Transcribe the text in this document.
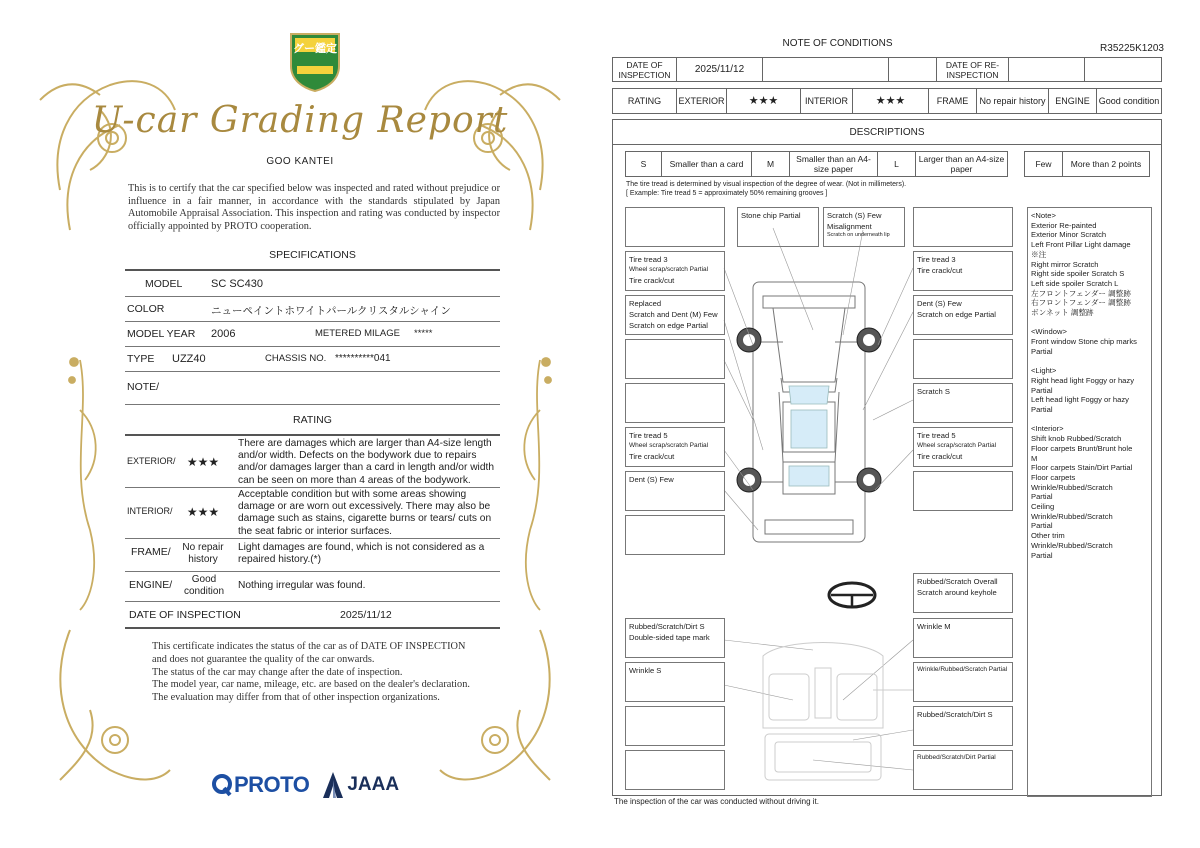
グー鑑定
U-car Grading Report
GOO KANTEI
This is to certify that the car specified below was inspected and rated without prejudice or influence in a fair manner, in accordance with the standards stipulated by Japan Automobile Appraisal Association. This inspection and rating was conducted by inspector officially appointed by PROTO cooperation.
SPECIFICATIONS
MODEL	SC SC430
COLOR	ニューペイントホワイトパールクリスタルシャイン
MODEL YEAR 2006	METERED MILAGE *****
TYPE UZZ40	CHASSIS NO. **********041
NOTE/
RATING
EXTERIOR/ ★★★
There are damages which are larger than A4-size length and/or width. Defects on the bodywork due to repairs and/or damages larger than a card in length and/or width can be seen on more than 4 areas of the bodywork.
INTERIOR/	★★★
Acceptable condition but with some areas showing damage or are worn out excessively. There may also be damage such as stains, cigarette burns or tears/ cuts on the seat fabric or interior surfaces.
FRAME/	No repair history
Light damages are found, which is not considered as a repaired history.(*)
ENGINE/	Good condition
Nothing irregular was found.
DATE OF INSPECTION	2025/11/12
This certificate indicates the status of the car as of DATE OF INSPECTION and does not guarantee the quality of the car onwards.
The status of the car may change after the date of inspection.
The model year, car name, mileage, etc. are based on the dealer's declaration.
The evaluation may differ from that of other inspection organizations.
PROTO JAAA
NOTE OF CONDITIONS	R35225K1203
DATE OF INSPECTION	2025/11/12	DATE OF RE-INSPECTION
RATING	EXTERIOR	★★★	INTERIOR	★★★	FRAME	No repair history	ENGINE Good condition
DESCRIPTIONS
S	Smaller than a card	M	Smaller than an A4-size paper	L	Larger than an A4-size paper	Few	More than 2 points
The tire tread is determined by visual inspection of the degree of wear. (Not in millimeters).
[ Example: Tire tread 5 = approximately 50% remaining grooves ]
Stone chip Partial	Scratch (S) Few
Misalignment
Scratch on underneath lip
Tire tread 3
Wheel scrap/scratch Partial
Tire crack/cut
Tire tread 3
Tire crack/cut
Replaced
Scratch and Dent (M) Few
Scratch on edge Partial
Dent (S) Few
Scratch on edge Partial
Scratch S
Tire tread 5
Wheel scrap/scratch Partial
Tire crack/cut
Tire tread 5
Wheel scrap/scratch Partial
Tire crack/cut
Dent (S) Few
Rubbed/Scratch Overall
Scratch around keyhole
Rubbed/Scratch/Dirt S
Double-sided tape mark
Wrinkle M
Wrinkle S	Wrinkle/Rubbed/Scratch Partial
Rubbed/Scratch/Dirt S
Rubbed/Scratch/Dirt Partial
<Note>
Exterior Re-painted
Exterior Minor Scratch
Left Front Pillar Light damage
※注
Right mirror Scratch
Right side spoiler Scratch S
Left side spoiler Scratch L
左フロントフェンダー 調整跡
右フロントフェンダー 調整跡
ボンネット 調整跡
<Window>
Front window Stone chip marks
Partial
<Light>
Right head light Foggy or hazy
Partial
Left head light Foggy or hazy
Partial
<Interior>
Shift knob Rubbed/Scratch
Floor carpets Brunt/Brunt hole
M
Floor carpets Stain/Dirt Partial
Floor carpets
Wrinkle/Rubbed/Scratch
Partial
Ceiling
Wrinkle/Rubbed/Scratch
Partial
Other trim
Wrinkle/Rubbed/Scratch
Partial
The inspection of the car was conducted without driving it.
